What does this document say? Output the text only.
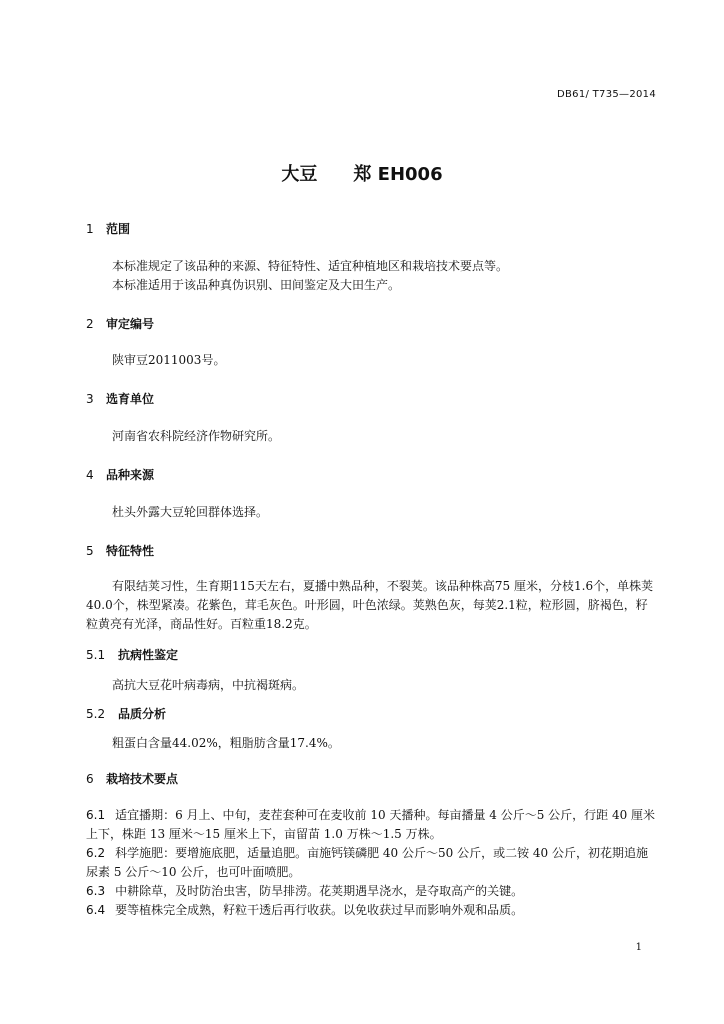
DB61/ T735—2014
大豆 郑 EH006
1 范围
本标准规定了该品种的来源、特征特性、适宜种植地区和栽培技术要点等。
本标准适用于该品种真伪识别、田间鉴定及大田生产。
2 审定编号
陕审豆2011003号。
3 选育单位
河南省农科院经济作物研究所。
4 品种来源
杜头外露大豆轮回群体选择。
5 特征特性
有限结荚习性，生育期115天左右，夏播中熟品种，不裂荚。该品种株高75 厘米，分枝1.6个，单株荚40.0个，株型紧凑。花紫色，茸毛灰色。叶形圆，叶色浓绿。荚熟色灰，每荚2.1粒，粒形圆，脐褐色，籽粒黄亮有光泽，商品性好。百粒重18.2克。
5.1 抗病性鉴定
高抗大豆花叶病毒病，中抗褐斑病。
5.2 品质分析
粗蛋白含量44.02%，粗脂肪含量17.4%。
6 栽培技术要点
6.1 适宜播期：6 月上、中旬，麦茬套种可在麦收前 10 天播种。每亩播量 4 公斤～5 公斤，行距 40 厘米上下，株距 13 厘米～15 厘米上下，亩留苗 1.0 万株～1.5 万株。
6.2 科学施肥：要增施底肥，适量追肥。亩施钙镁磷肥 40 公斤～50 公斤，或二铵 40 公斤，初花期追施尿素 5 公斤～10 公斤，也可叶面喷肥。
6.3 中耕除草，及时防治虫害，防旱排涝。花荚期遇旱浇水，是夺取高产的关键。
6.4 要等植株完全成熟，籽粒干透后再行收获。以免收获过早而影响外观和品质。
1
